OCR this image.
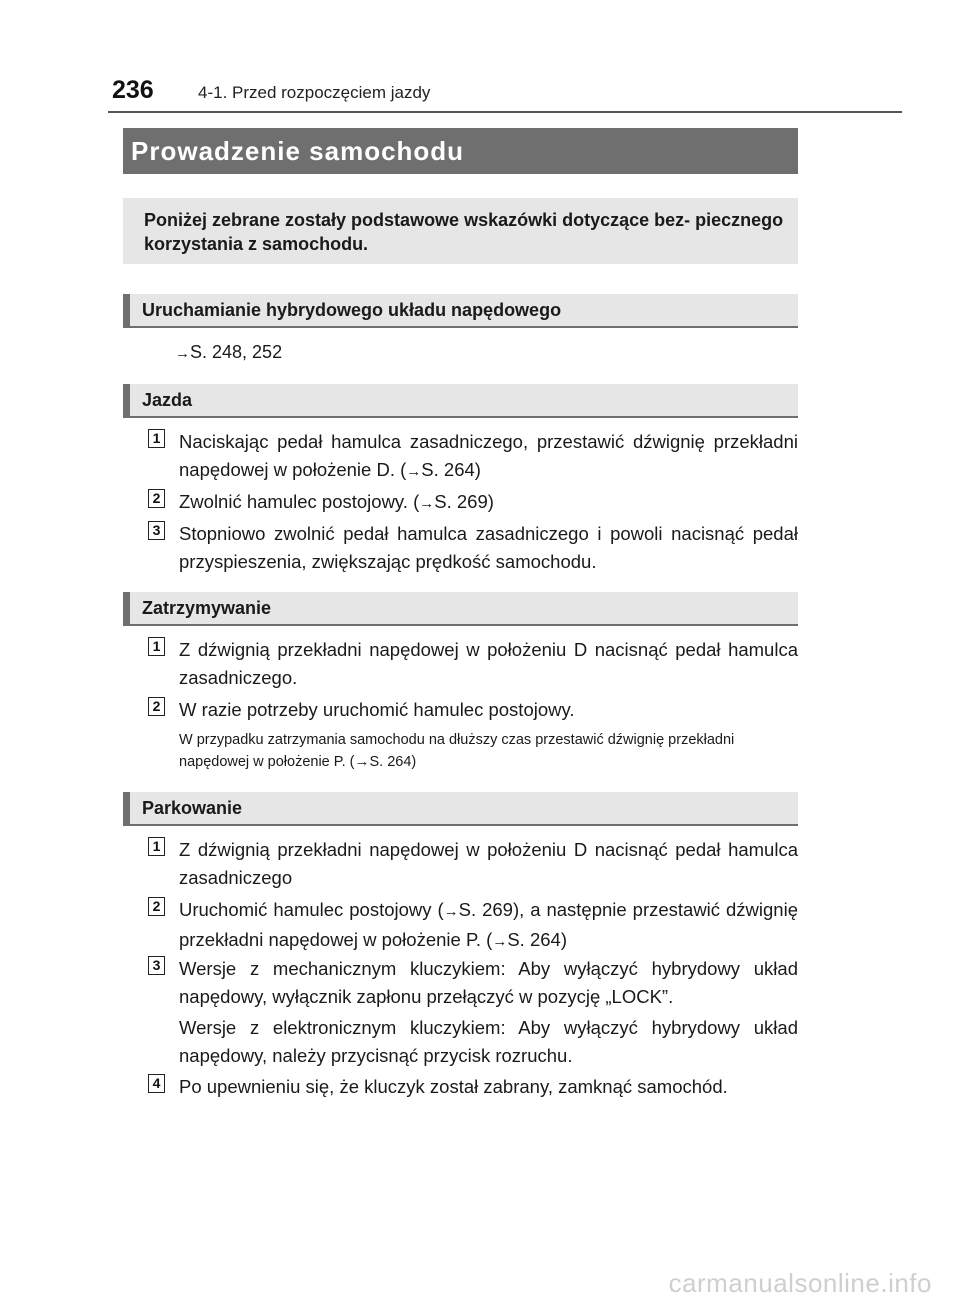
236	4-1. Przed rozpoczęciem jazdy
Prowadzenie samochodu
Poniżej zebrane zostały podstawowe wskazówki dotyczące bez- piecznego korzystania z samochodu.
Uruchamianie hybrydowego układu napędowego
→S. 248, 252
Jazda
1 Naciskając pedał hamulca zasadniczego, przestawić dźwignię przekładni napędowej w położenie D. (→S. 264)
2 Zwolnić hamulec postojowy. (→S. 269)
3 Stopniowo zwolnić pedał hamulca zasadniczego i powoli nacisnąć pedał przyspieszenia, zwiększając prędkość samochodu.
Zatrzymywanie
1 Z dźwignią przekładni napędowej w położeniu D nacisnąć pedał hamulca zasadniczego.
2 W razie potrzeby uruchomić hamulec postojowy.
W przypadku zatrzymania samochodu na dłuższy czas przestawić dźwignię przekładni napędowej w położenie P. (→S. 264)
Parkowanie
1 Z dźwignią przekładni napędowej w położeniu D nacisnąć pedał hamulca zasadniczego
2 Uruchomić hamulec postojowy (→S. 269), a następnie przestawić dźwignię przekładni napędowej w położenie P. (→S. 264)
3 Wersje z mechanicznym kluczykiem: Aby wyłączyć hybrydowy układ napędowy, wyłącznik zapłonu przełączyć w pozycję „LOCK”.
Wersje z elektronicznym kluczykiem: Aby wyłączyć hybrydowy układ napędowy, należy przycisnąć przycisk rozruchu.
4 Po upewnieniu się, że kluczyk został zabrany, zamknąć samochód.
carmanualsonline.info
